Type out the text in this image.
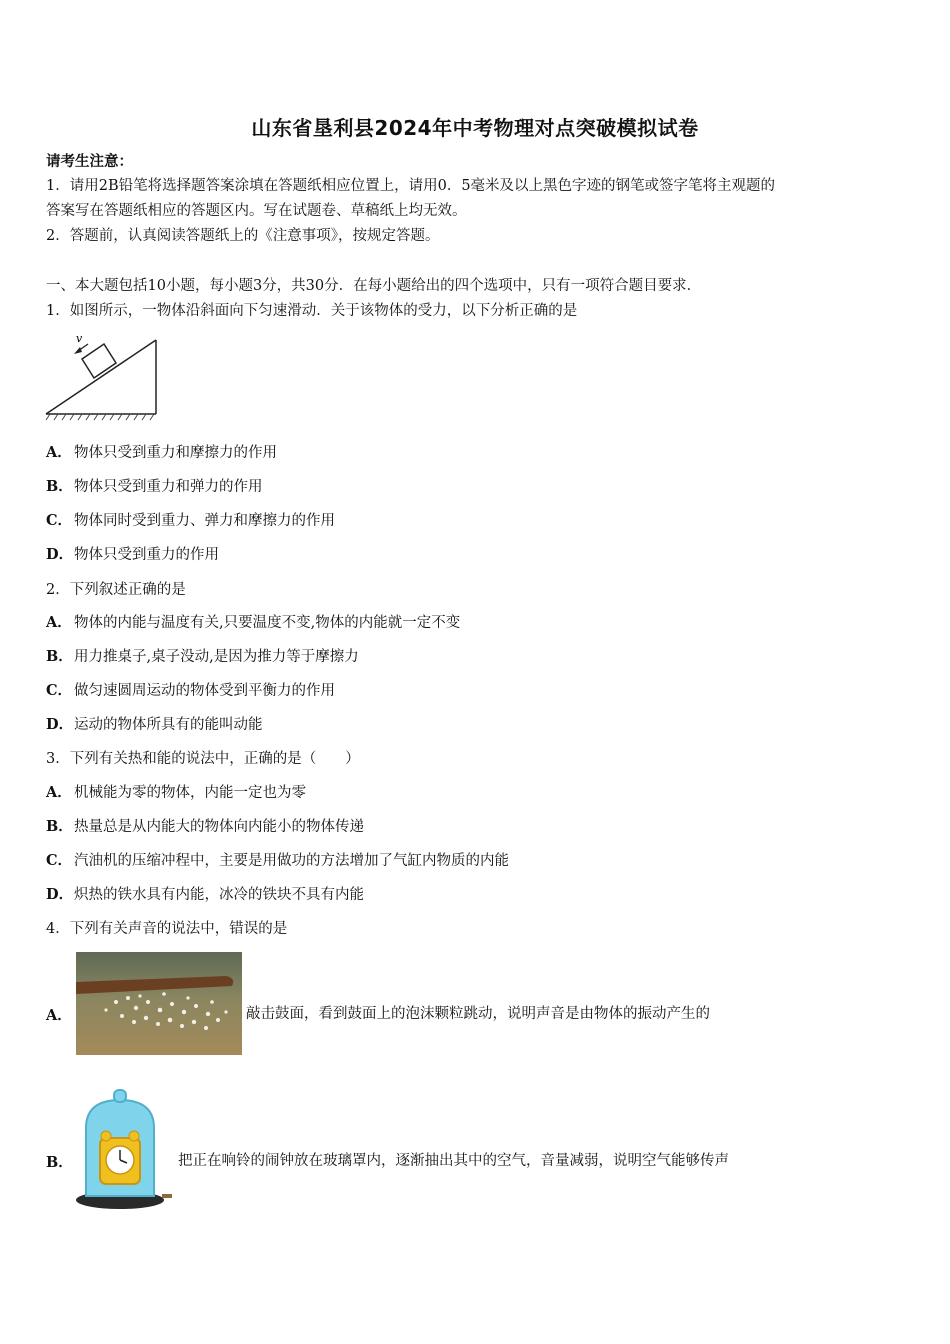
山东省垦利县2024年中考物理对点突破模拟试卷
请考生注意：
1．请用2B铅笔将选择题答案涂填在答题纸相应位置上，请用0．5毫米及以上黑色字迹的钢笔或签字笔将主观题的
答案写在答题纸相应的答题区内。写在试题卷、草稿纸上均无效。
2．答题前，认真阅读答题纸上的《注意事项》，按规定答题。
一、本大题包括10小题，每小题3分，共30分．在每小题给出的四个选项中，只有一项符合题目要求．
1．如图所示，一物体沿斜面向下匀速滑动．关于该物体的受力，以下分析正确的是
v
A． 物体只受到重力和摩擦力的作用
B．物体只受到重力和弹力的作用
C． 物体同时受到重力、弹力和摩擦力的作用
D．物体只受到重力的作用
2．下列叙述正确的是
A． 物体的内能与温度有关,只要温度不变,物体的内能就一定不变
B．用力推桌子,桌子没动,是因为推力等于摩擦力
C． 做匀速圆周运动的物体受到平衡力的作用
D．运动的物体所具有的能叫动能
3．下列有关热和能的说法中，正确的是（　　）
A． 机械能为零的物体，内能一定也为零
B．热量总是从内能大的物体向内能小的物体传递
C． 汽油机的压缩冲程中，主要是用做功的方法增加了气缸内物质的内能
D．炽热的铁水具有内能，冰冷的铁块不具有内能
4．下列有关声音的说法中，错误的是
A．	敲击鼓面，看到鼓面上的泡沫颗粒跳动，说明声音是由物体的振动产生的
B．	把正在响铃的闹钟放在玻璃罩内，逐渐抽出其中的空气，音量减弱，说明空气能够传声
